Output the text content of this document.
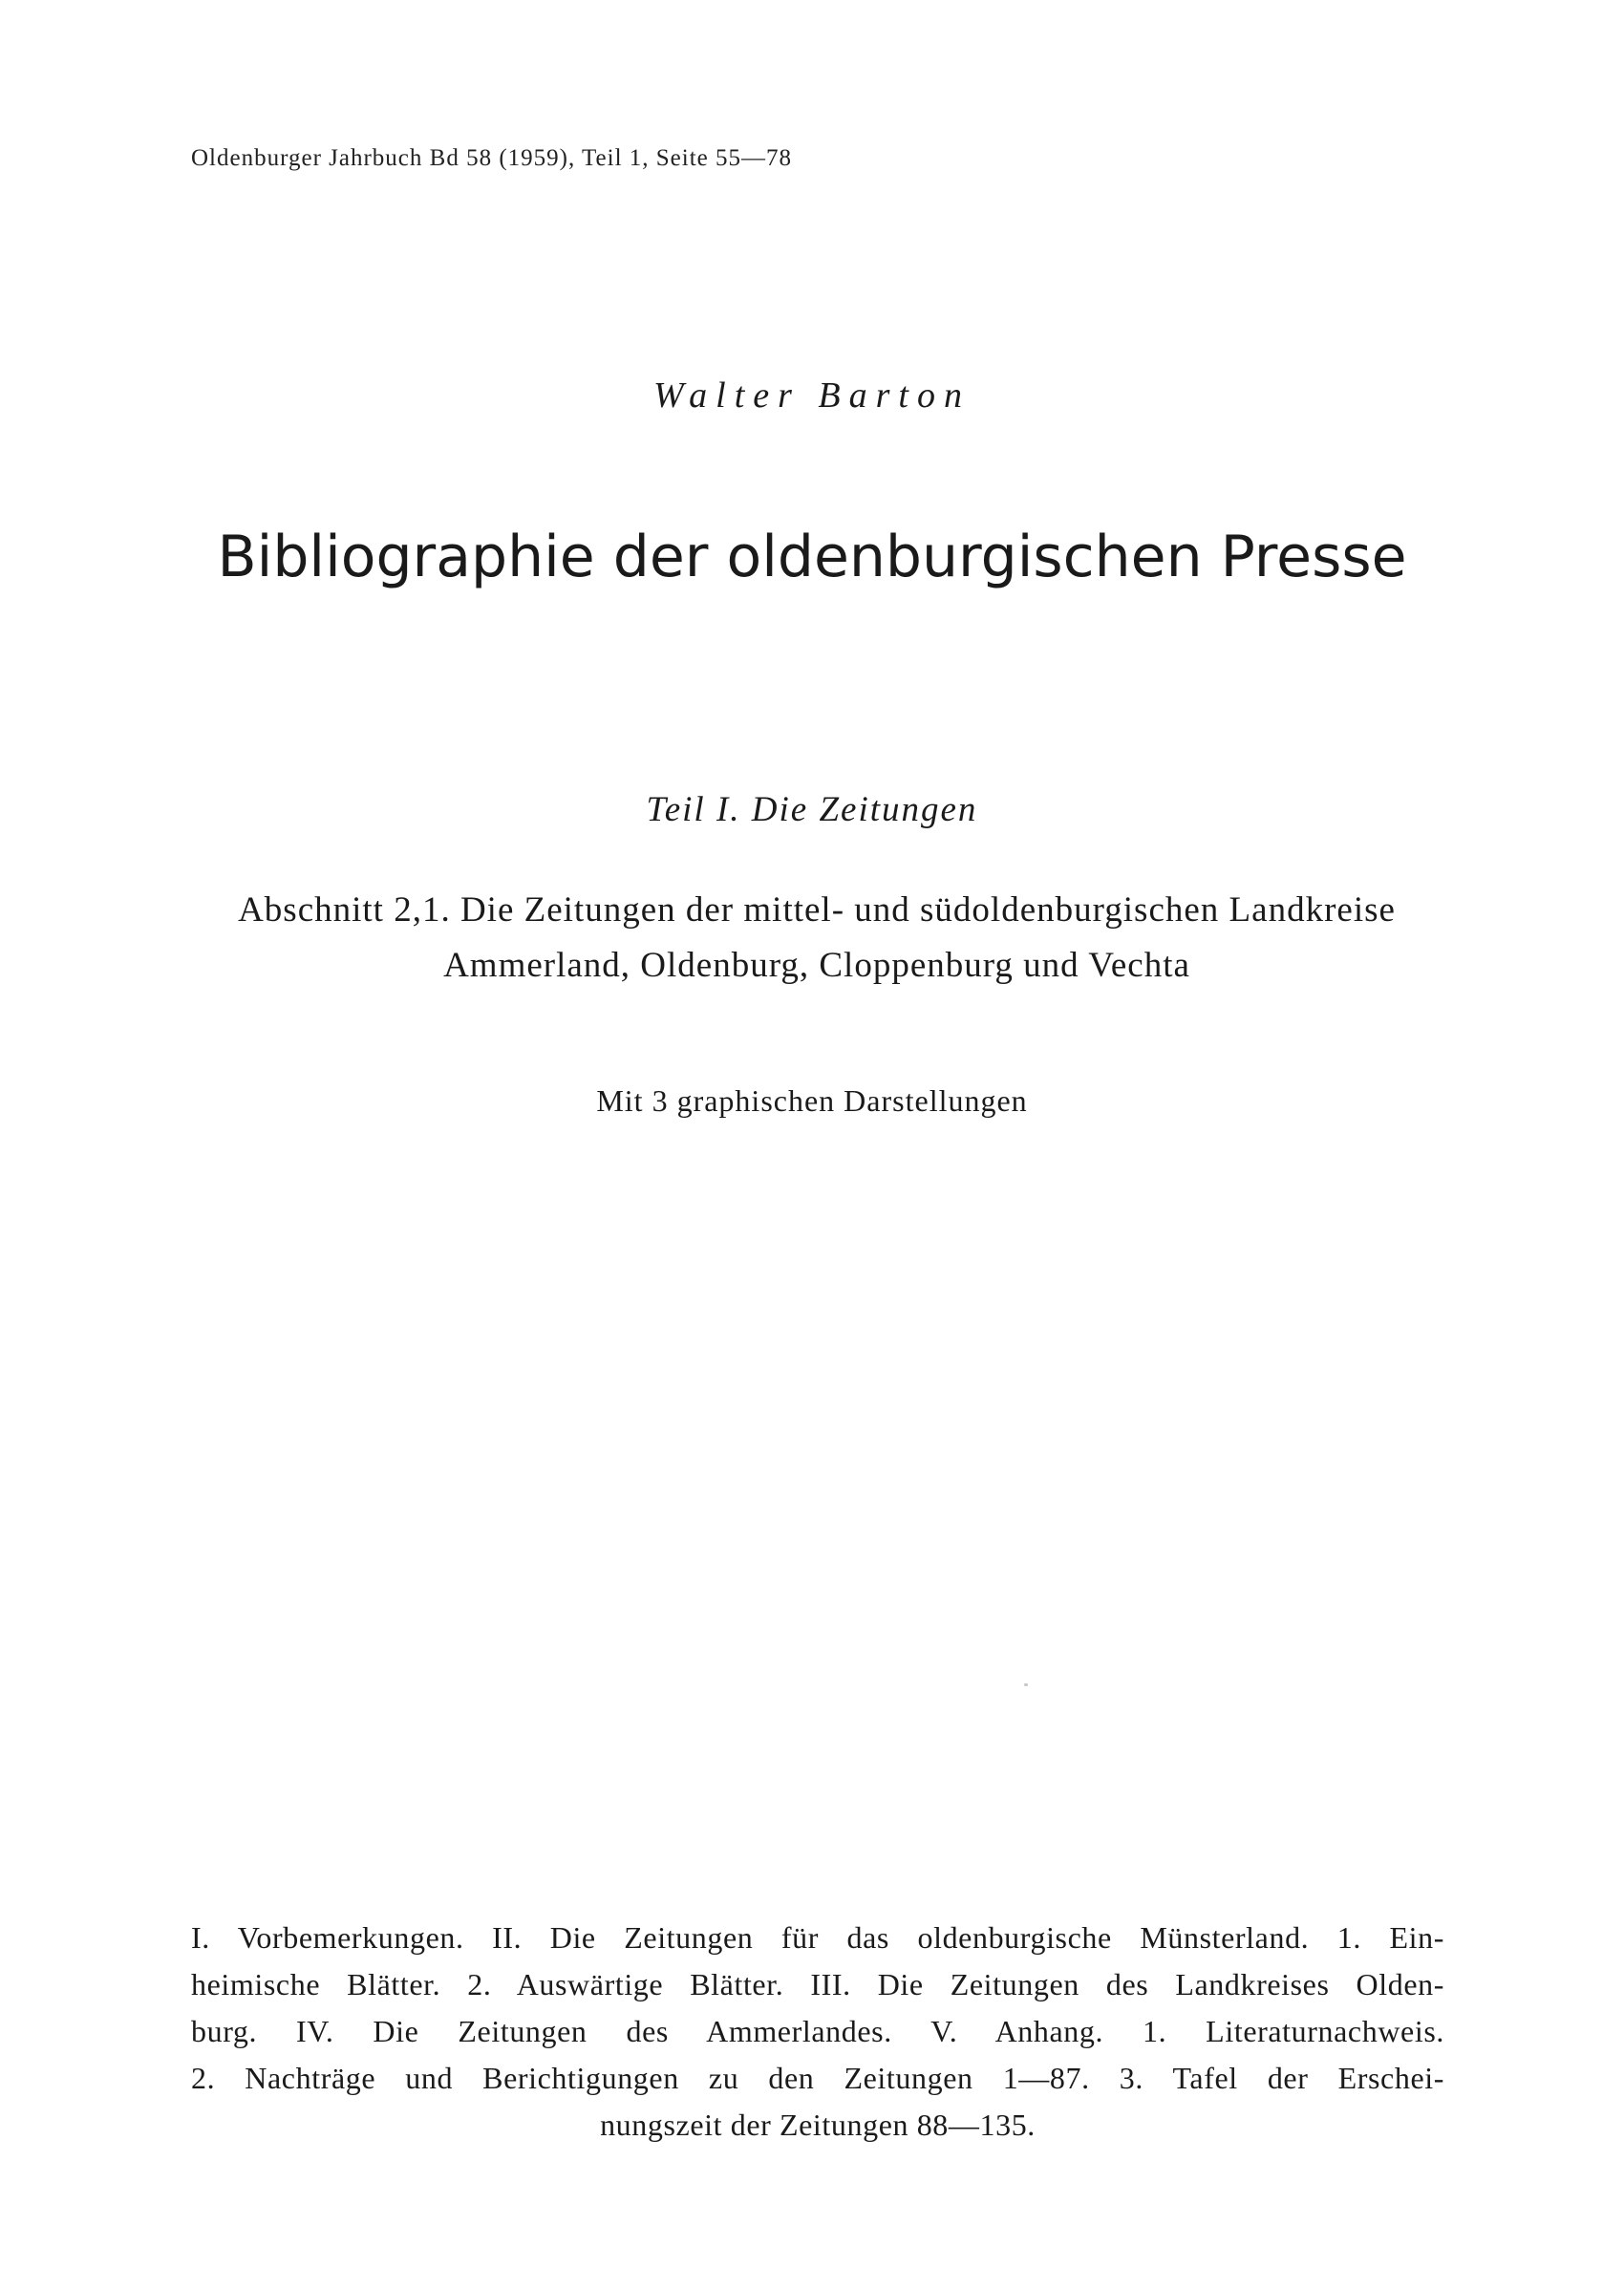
Oldenburger Jahrbuch Bd 58 (1959), Teil 1, Seite 55—78
Walter Barton
Bibliographie der oldenburgischen Presse
Teil I. Die Zeitungen
Abschnitt 2,1. Die Zeitungen der mittel- und südoldenburgischen Landkreise
Ammerland, Oldenburg, Cloppenburg und Vechta
Mit 3 graphischen Darstellungen
I. Vorbemerkungen. II. Die Zeitungen für das oldenburgische Münsterland. 1. Ein-
heimische Blätter. 2. Auswärtige Blätter. III. Die Zeitungen des Landkreises Olden-
burg. IV. Die Zeitungen des Ammerlandes. V. Anhang. 1. Literaturnachweis.
2. Nachträge und Berichtigungen zu den Zeitungen 1—87. 3. Tafel der Erschei-
nungszeit der Zeitungen 88—135.
